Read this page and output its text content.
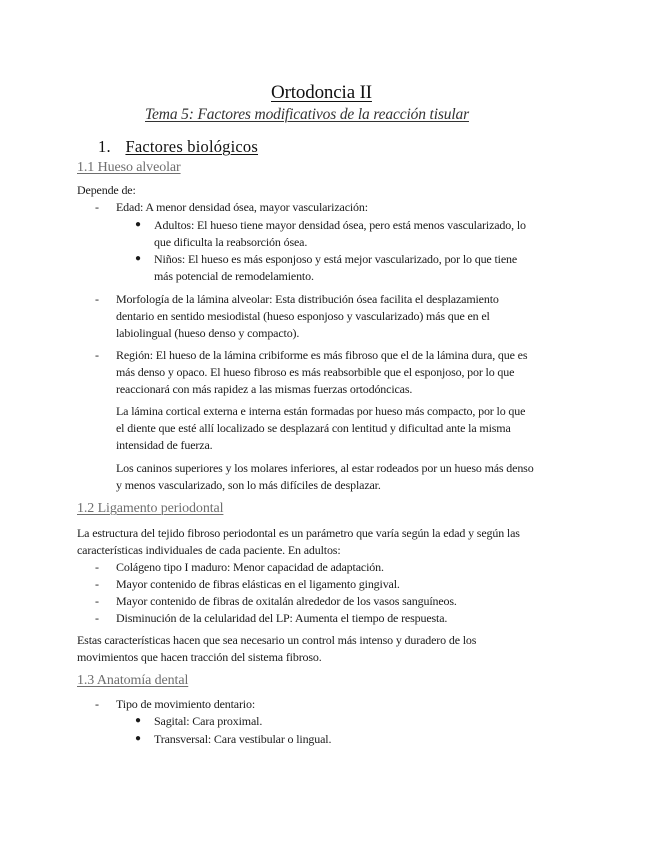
Ortodoncia II
Tema 5: Factores modificativos de la reacción tisular
1. Factores biológicos
1.1 Hueso alveolar
Depende de:
- Edad: A menor densidad ósea, mayor vascularización:
● Adultos: El hueso tiene mayor densidad ósea, pero está menos vascularizado, lo
que dificulta la reabsorción ósea.
● Niños: El hueso es más esponjoso y está mejor vascularizado, por lo que tiene
más potencial de remodelamiento.
- Morfología de la lámina alveolar: Esta distribución ósea facilita el desplazamiento
dentario en sentido mesiodistal (hueso esponjoso y vascularizado) más que en el
labiolingual (hueso denso y compacto).
- Región: El hueso de la lámina cribiforme es más fibroso que el de la lámina dura, que es
más denso y opaco. El hueso fibroso es más reabsorbible que el esponjoso, por lo que
reaccionará con más rapidez a las mismas fuerzas ortodóncicas.
La lámina cortical externa e interna están formadas por hueso más compacto, por lo que
el diente que esté allí localizado se desplazará con lentitud y dificultad ante la misma
intensidad de fuerza.
Los caninos superiores y los molares inferiores, al estar rodeados por un hueso más denso
y menos vascularizado, son lo más difíciles de desplazar.
1.2 Ligamento periodontal
La estructura del tejido fibroso periodontal es un parámetro que varía según la edad y según las
características individuales de cada paciente. En adultos:
- Colágeno tipo I maduro: Menor capacidad de adaptación.
- Mayor contenido de fibras elásticas en el ligamento gingival.
- Mayor contenido de fibras de oxitalán alrededor de los vasos sanguíneos.
- Disminución de la celularidad del LP: Aumenta el tiempo de respuesta.
Estas características hacen que sea necesario un control más intenso y duradero de los
movimientos que hacen tracción del sistema fibroso.
1.3 Anatomía dental
- Tipo de movimiento dentario:
● Sagital: Cara proximal.
● Transversal: Cara vestibular o lingual.
